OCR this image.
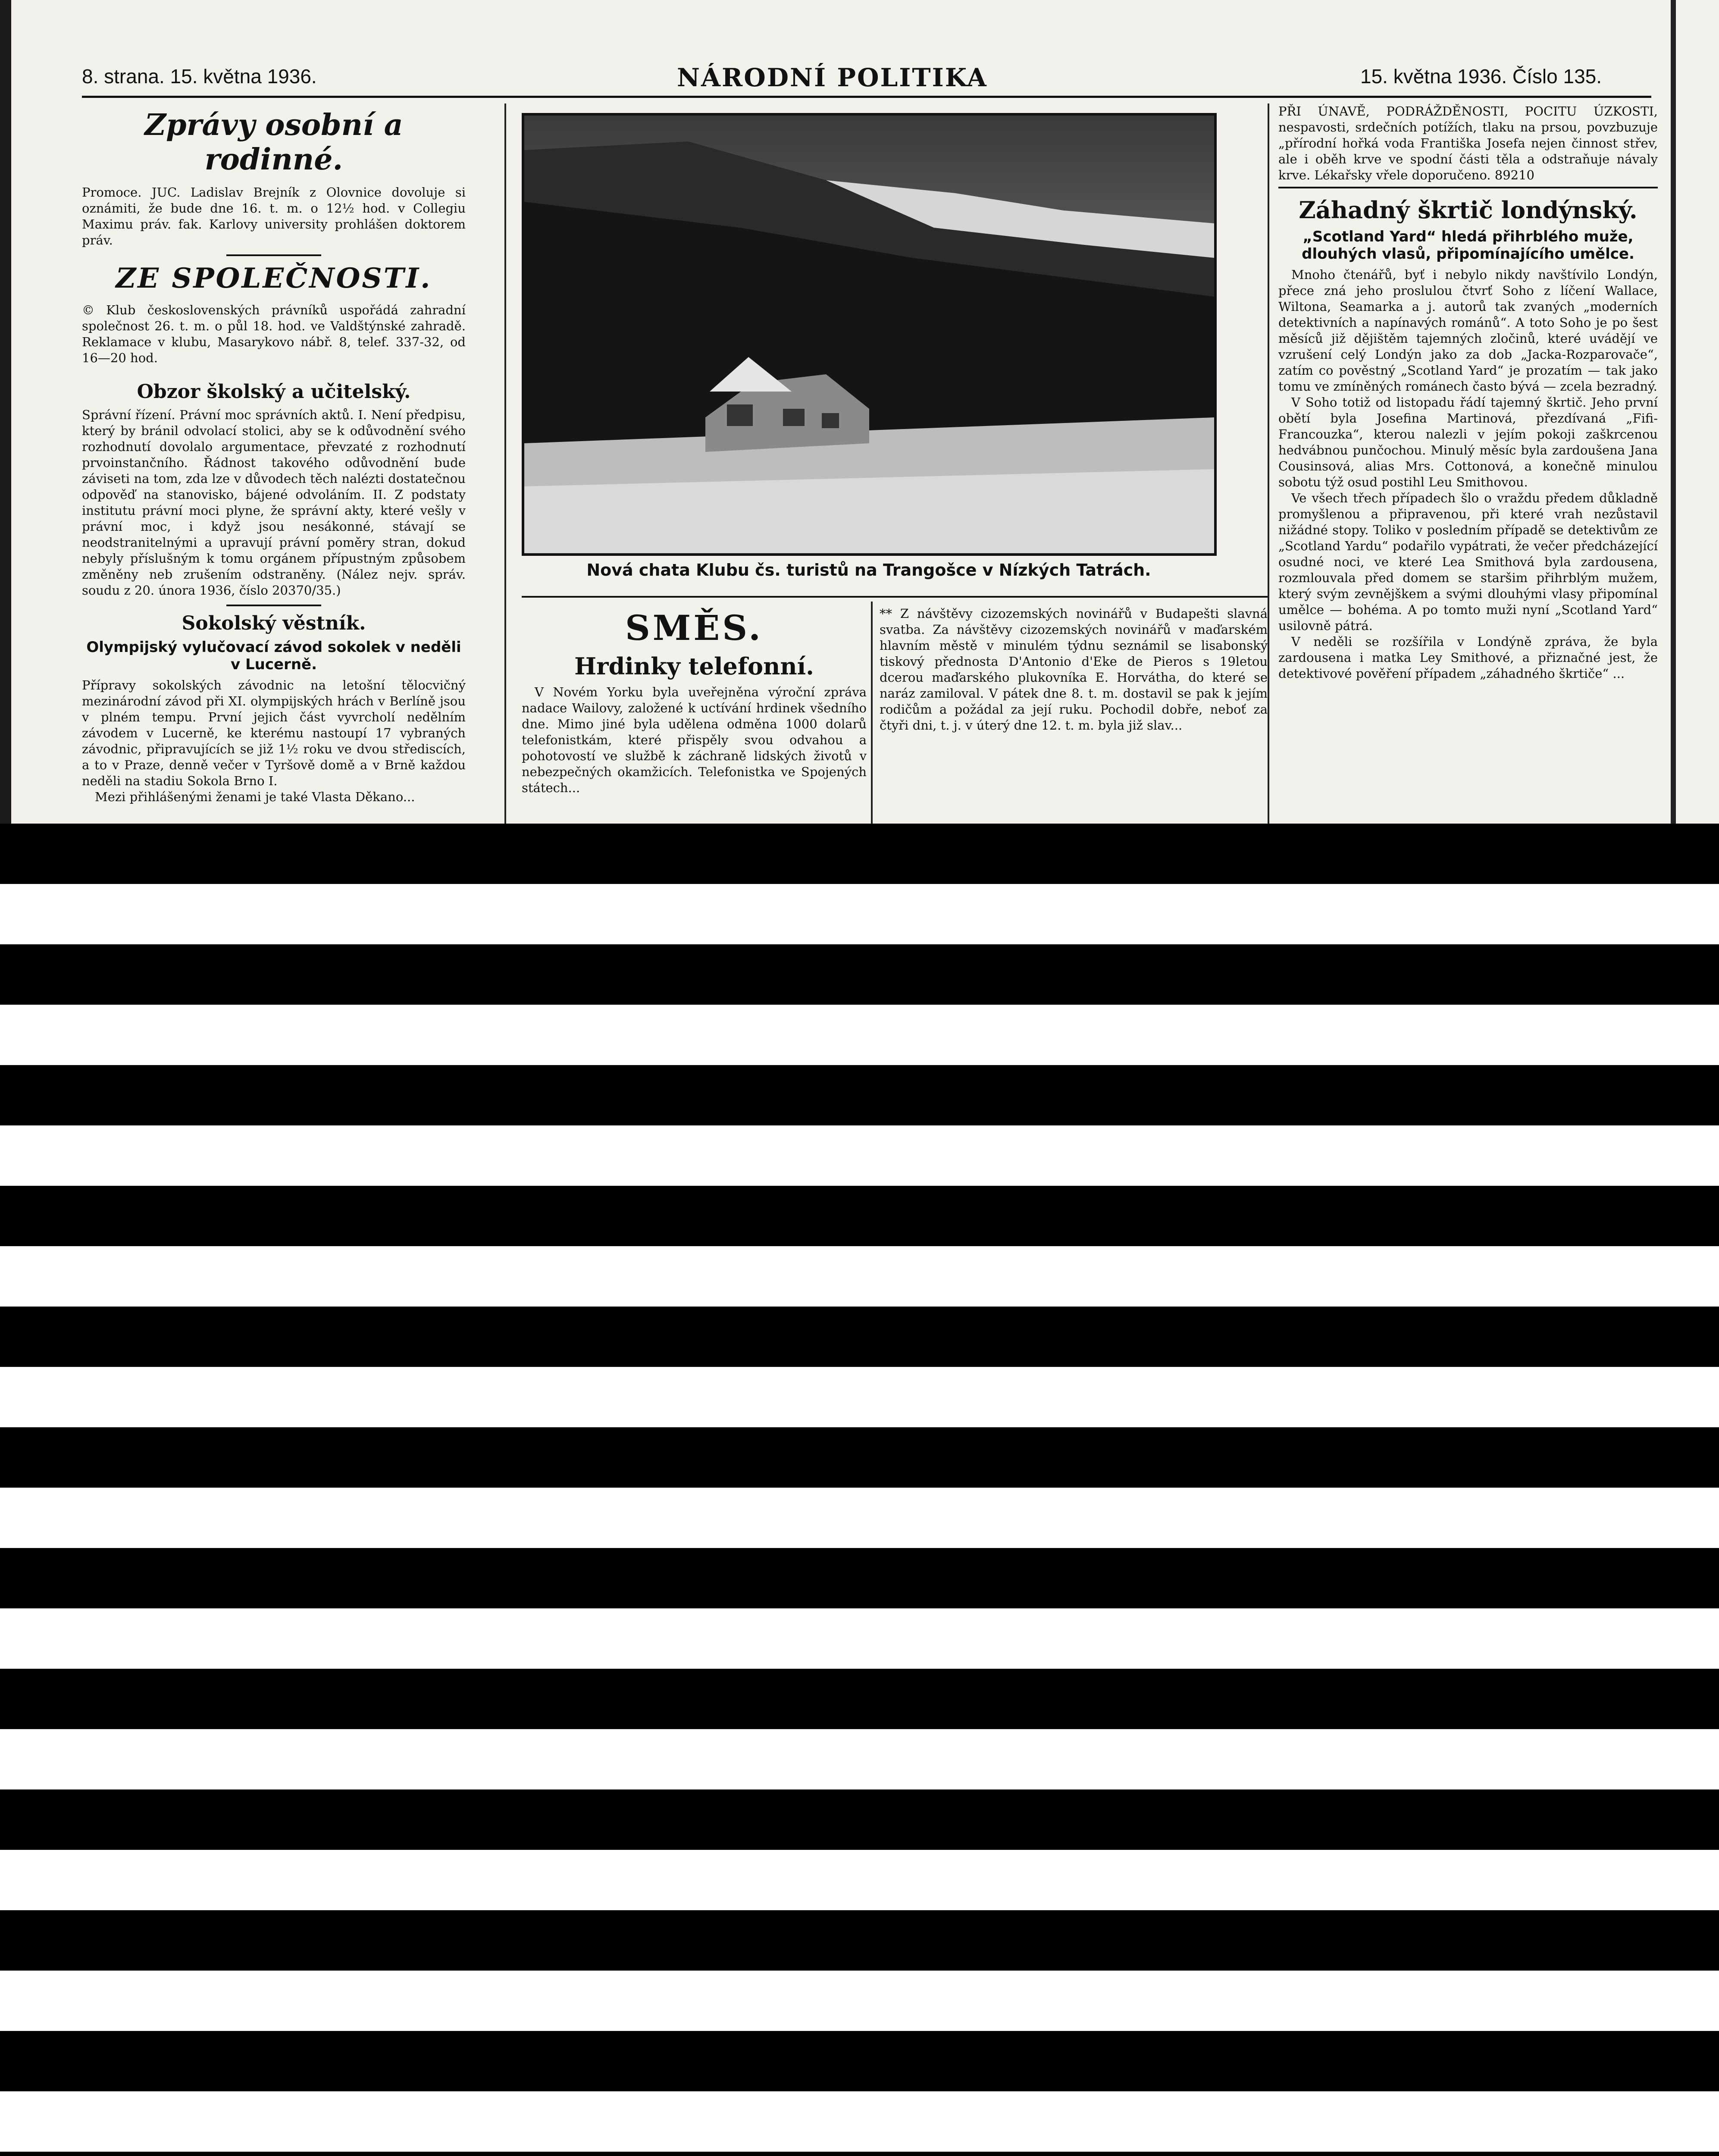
8. strana. 15. května 1936.	NÁRODNÍ POLITIKA	15. května 1936. Číslo 135.
Zprávy osobní a rodinné.

Promoce. JUC. Ladislav Brejník z Olovnice dovoluje si oznámiti, že bude dne 16. t. m. o 12½ hod. v Collegiu Maximu práv. fak. Karlovy university prohlášen doktorem práv.

ZE SPOLEČNOSTI.

© Klub československých právníků uspořádá zahradní společnost 26. t. m. o půl 18. hod. ve Valdštýnské zahradě. Reklamace v klubu, Masarykovo nábř. 8, telef. 337-32, od 16—20 hod.

Obzor školský a učitelský.

Správní řízení. Právní moc správních aktů. I. Není předpisu, který by bránil odvolací stolici, aby se k odůvodnění svého rozhodnutí dovolalo argumentace, převzaté z rozhodnutí prvoinstančního. Řádnost takového odůvodnění bude záviseti na tom, zda lze v důvodech těch nalézti dostatečnou odpověď na stanovisko, bájené odvoláním. II. Z podstaty institutu právní moci plyne, že správní akty, které vešly v právní moc, i když jsou nesákonné, stávají se neodstranitelnými a upravují právní poměry stran, dokud nebyly příslušným k tomu orgánem přípustným způsobem změněny neb zrušením odstraněny. (Nález nejv. správ. soudu z 20. února 1936, číslo 20370/35.)

Sokolský věstník.
Olympijský vylučovací závod sokolek v neděli v Lucerně.

Přípravy sokolských závodnic na letošní tělocvičný mezinárodní závod při XI. olympijských hrách v Berlíně jsou v plném tempu. První jejich část vyvrcholí nedělním závodem v Lucerně, ke kterému nastoupí 17 vybraných závodnic, připravujících se již 1½ roku ve dvou střediscích, a to v Praze, denně večer v Tyršově domě a v Brně každou neděli na stadiu Sokola Brno I.

Mezi přihlášenými ženami je také Vlasta Děkano...

Nová chata Klubu čs. turistů na Trangošce v Nízkých Tatrách.
SMĚS.
Hrdinky telefonní.

V Novém Yorku byla uveřejněna výroční zpráva nadace Wailovy, založené k uctívání hrdinek všedního dne. Mimo jiné byla udělena odměna 1000 dolarů telefonistkám, které přispěly svou odvahou a pohotovostí ve službě k záchraně lidských životů v nebezpečných okamžicích. Telefonistka ve Spojených státech...

** Z návštěvy cizozemských novinářů v Budapešti slavná svatba. Za návštěvy cizozemských novinářů v maďarském hlavním městě v minulém týdnu seznámil se lisabonský tiskový přednosta D'Antonio d'Eke de Pieros s 19letou dcerou maďarského plukovníka E. Horvátha, do které se naráz zamiloval. V pátek dne 8. t. m. dostavil se pak k jejím rodičům a požádal za její ruku. Pochodil dobře, neboť za čtyři dni, t. j. v úterý dne 12. t. m. byla již slav...

PŘI ÚNAVĚ, PODRÁŽDĚNOSTI, POCITU ÚZKOSTI, nespavosti, srdečních potížích, tlaku na prsou, povzbuzuje „přírodní hořká voda Františka Josefa nejen činnost střev, ale i oběh krve ve spodní části těla a odstraňuje návaly krve. Lékařsky vřele doporučeno. 89210

Záhadný škrtič londýnský.
„Scotland Yard“ hledá přihrblého muže, dlouhých vlasů, připomínajícího umělce.

Mnoho čtenářů, byť i nebylo nikdy navštívilo Londýn, přece zná jeho proslulou čtvrť Soho z líčení Wallace, Wiltona, Seamarka a j. autorů tak zvaných „moderních detektivních a napínavých románů“. A toto Soho je po šest měsíců již dějištěm tajemných zločinů, které uvádějí ve vzrušení celý Londýn jako za dob „Jacka-Rozparovače“, zatím co pověstný „Scotland Yard“ je prozatím — tak jako tomu ve zmíněných románech často bývá — zcela bezradný.

V Soho totiž od listopadu řádí tajemný škrtič. Jeho první obětí byla Josefina Martinová, přezdívaná „Fifi-Francouzka“, kterou nalezli v jejím pokoji zaškrcenou hedvábnou punčochou. Minulý měsíc byla zardoušena Jana Cousinsová, alias Mrs. Cottonová, a konečně minulou sobotu týž osud postihl Leu Smithovou.

Ve všech třech případech šlo o vraždu předem důkladně promyšlenou a připravenou, při které vrah nezůstavil nižádné stopy. Tolikо v posledním případě se detektivům ze „Scotland Yardu“ podařilo vypátrati, že večer předcházející osudné noci, ve které Lea Smithová byla zardousena, rozmlouvala před domem se staršim přihrblým mužem, který svým zevnějškem a svými dlouhými vlasy připomínal umělce — bohéma. A po tomto muži nyní „Scotland Yard“ usilovně pátrá.

V neděli se rozšířila v Londýně zpráva, že byla zardousena i matka Ley Smithové, a přiznačné jest, že detektivové pověření případem „záhadného škrtiče“ ...
